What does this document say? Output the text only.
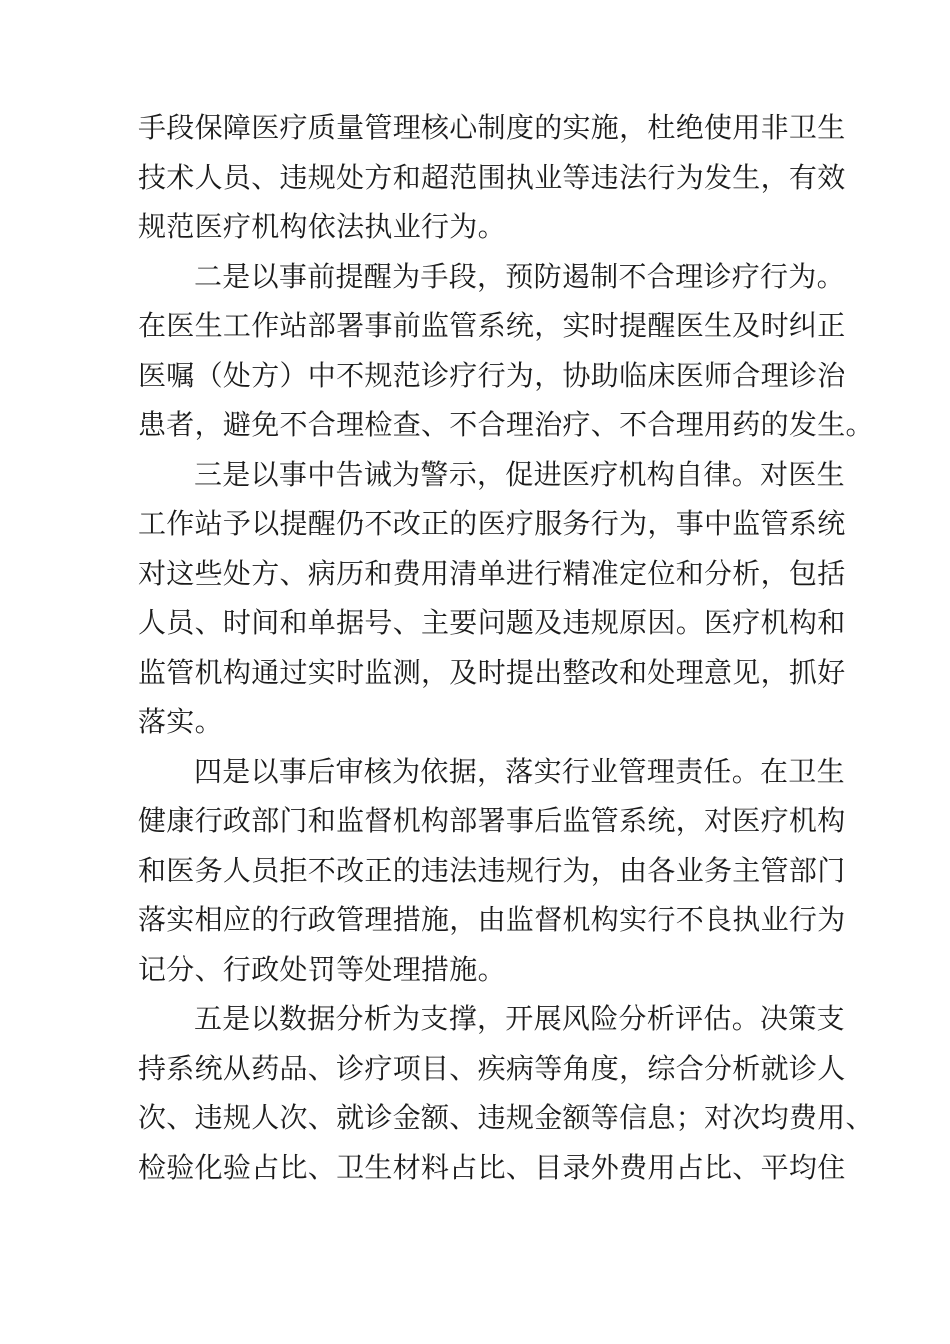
手段保障医疗质量管理核心制度的实施，杜绝使用非卫生
技术人员、违规处方和超范围执业等违法行为发生，有效
规范医疗机构依法执业行为。

二是以事前提醒为手段，预防遏制不合理诊疗行为。
在医生工作站部署事前监管系统，实时提醒医生及时纠正
医嘱（处方）中不规范诊疗行为，协助临床医师合理诊治
患者，避免不合理检查、不合理治疗、不合理用药的发生。

三是以事中告诫为警示，促进医疗机构自律。对医生
工作站予以提醒仍不改正的医疗服务行为，事中监管系统
对这些处方、病历和费用清单进行精准定位和分析，包括
人员、时间和单据号、主要问题及违规原因。医疗机构和
监管机构通过实时监测，及时提出整改和处理意见，抓好
落实。

四是以事后审核为依据，落实行业管理责任。在卫生
健康行政部门和监督机构部署事后监管系统，对医疗机构
和医务人员拒不改正的违法违规行为，由各业务主管部门
落实相应的行政管理措施，由监督机构实行不良执业行为
记分、行政处罚等处理措施。

五是以数据分析为支撑，开展风险分析评估。决策支
持系统从药品、诊疗项目、疾病等角度，综合分析就诊人
次、违规人次、就诊金额、违规金额等信息；对次均费用、
检验化验占比、卫生材料占比、目录外费用占比、平均住
